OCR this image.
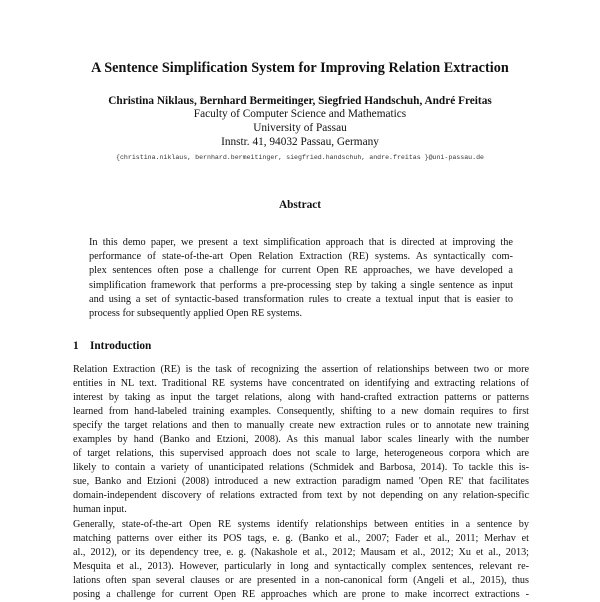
A Sentence Simplification System for Improving Relation Extraction
Christina Niklaus, Bernhard Bermeitinger, Siegfried Handschuh, André Freitas
Faculty of Computer Science and Mathematics
University of Passau
Innstr. 41, 94032 Passau, Germany
{christina.niklaus, bernhard.bermeitinger, siegfried.handschuh, andre.freitas }@uni-passau.de
Abstract
In this demo paper, we present a text simplification approach that is directed at improving the
performance of state-of-the-art Open Relation Extraction (RE) systems. As syntactically com-
plex sentences often pose a challenge for current Open RE approaches, we have developed a
simplification framework that performs a pre-processing step by taking a single sentence as input
and using a set of syntactic-based transformation rules to create a textual input that is easier to
process for subsequently applied Open RE systems.
1 Introduction
Relation Extraction (RE) is the task of recognizing the assertion of relationships between two or more
entities in NL text. Traditional RE systems have concentrated on identifying and extracting relations of
interest by taking as input the target relations, along with hand-crafted extraction patterns or patterns
learned from hand-labeled training examples. Consequently, shifting to a new domain requires to first
specify the target relations and then to manually create new extraction rules or to annotate new training
examples by hand (Banko and Etzioni, 2008). As this manual labor scales linearly with the number
of target relations, this supervised approach does not scale to large, heterogeneous corpora which are
likely to contain a variety of unanticipated relations (Schmidek and Barbosa, 2014). To tackle this is-
sue, Banko and Etzioni (2008) introduced a new extraction paradigm named 'Open RE' that facilitates
domain-independent discovery of relations extracted from text by not depending on any relation-specific
human input.
Generally, state-of-the-art Open RE systems identify relationships between entities in a sentence by
matching patterns over either its POS tags, e. g. (Banko et al., 2007; Fader et al., 2011; Merhav et
al., 2012), or its dependency tree, e. g. (Nakashole et al., 2012; Mausam et al., 2012; Xu et al., 2013;
Mesquita et al., 2013). However, particularly in long and syntactically complex sentences, relevant re-
lations often span several clauses or are presented in a non-canonical form (Angeli et al., 2015), thus
posing a challenge for current Open RE approaches which are prone to make incorrect extractions -
